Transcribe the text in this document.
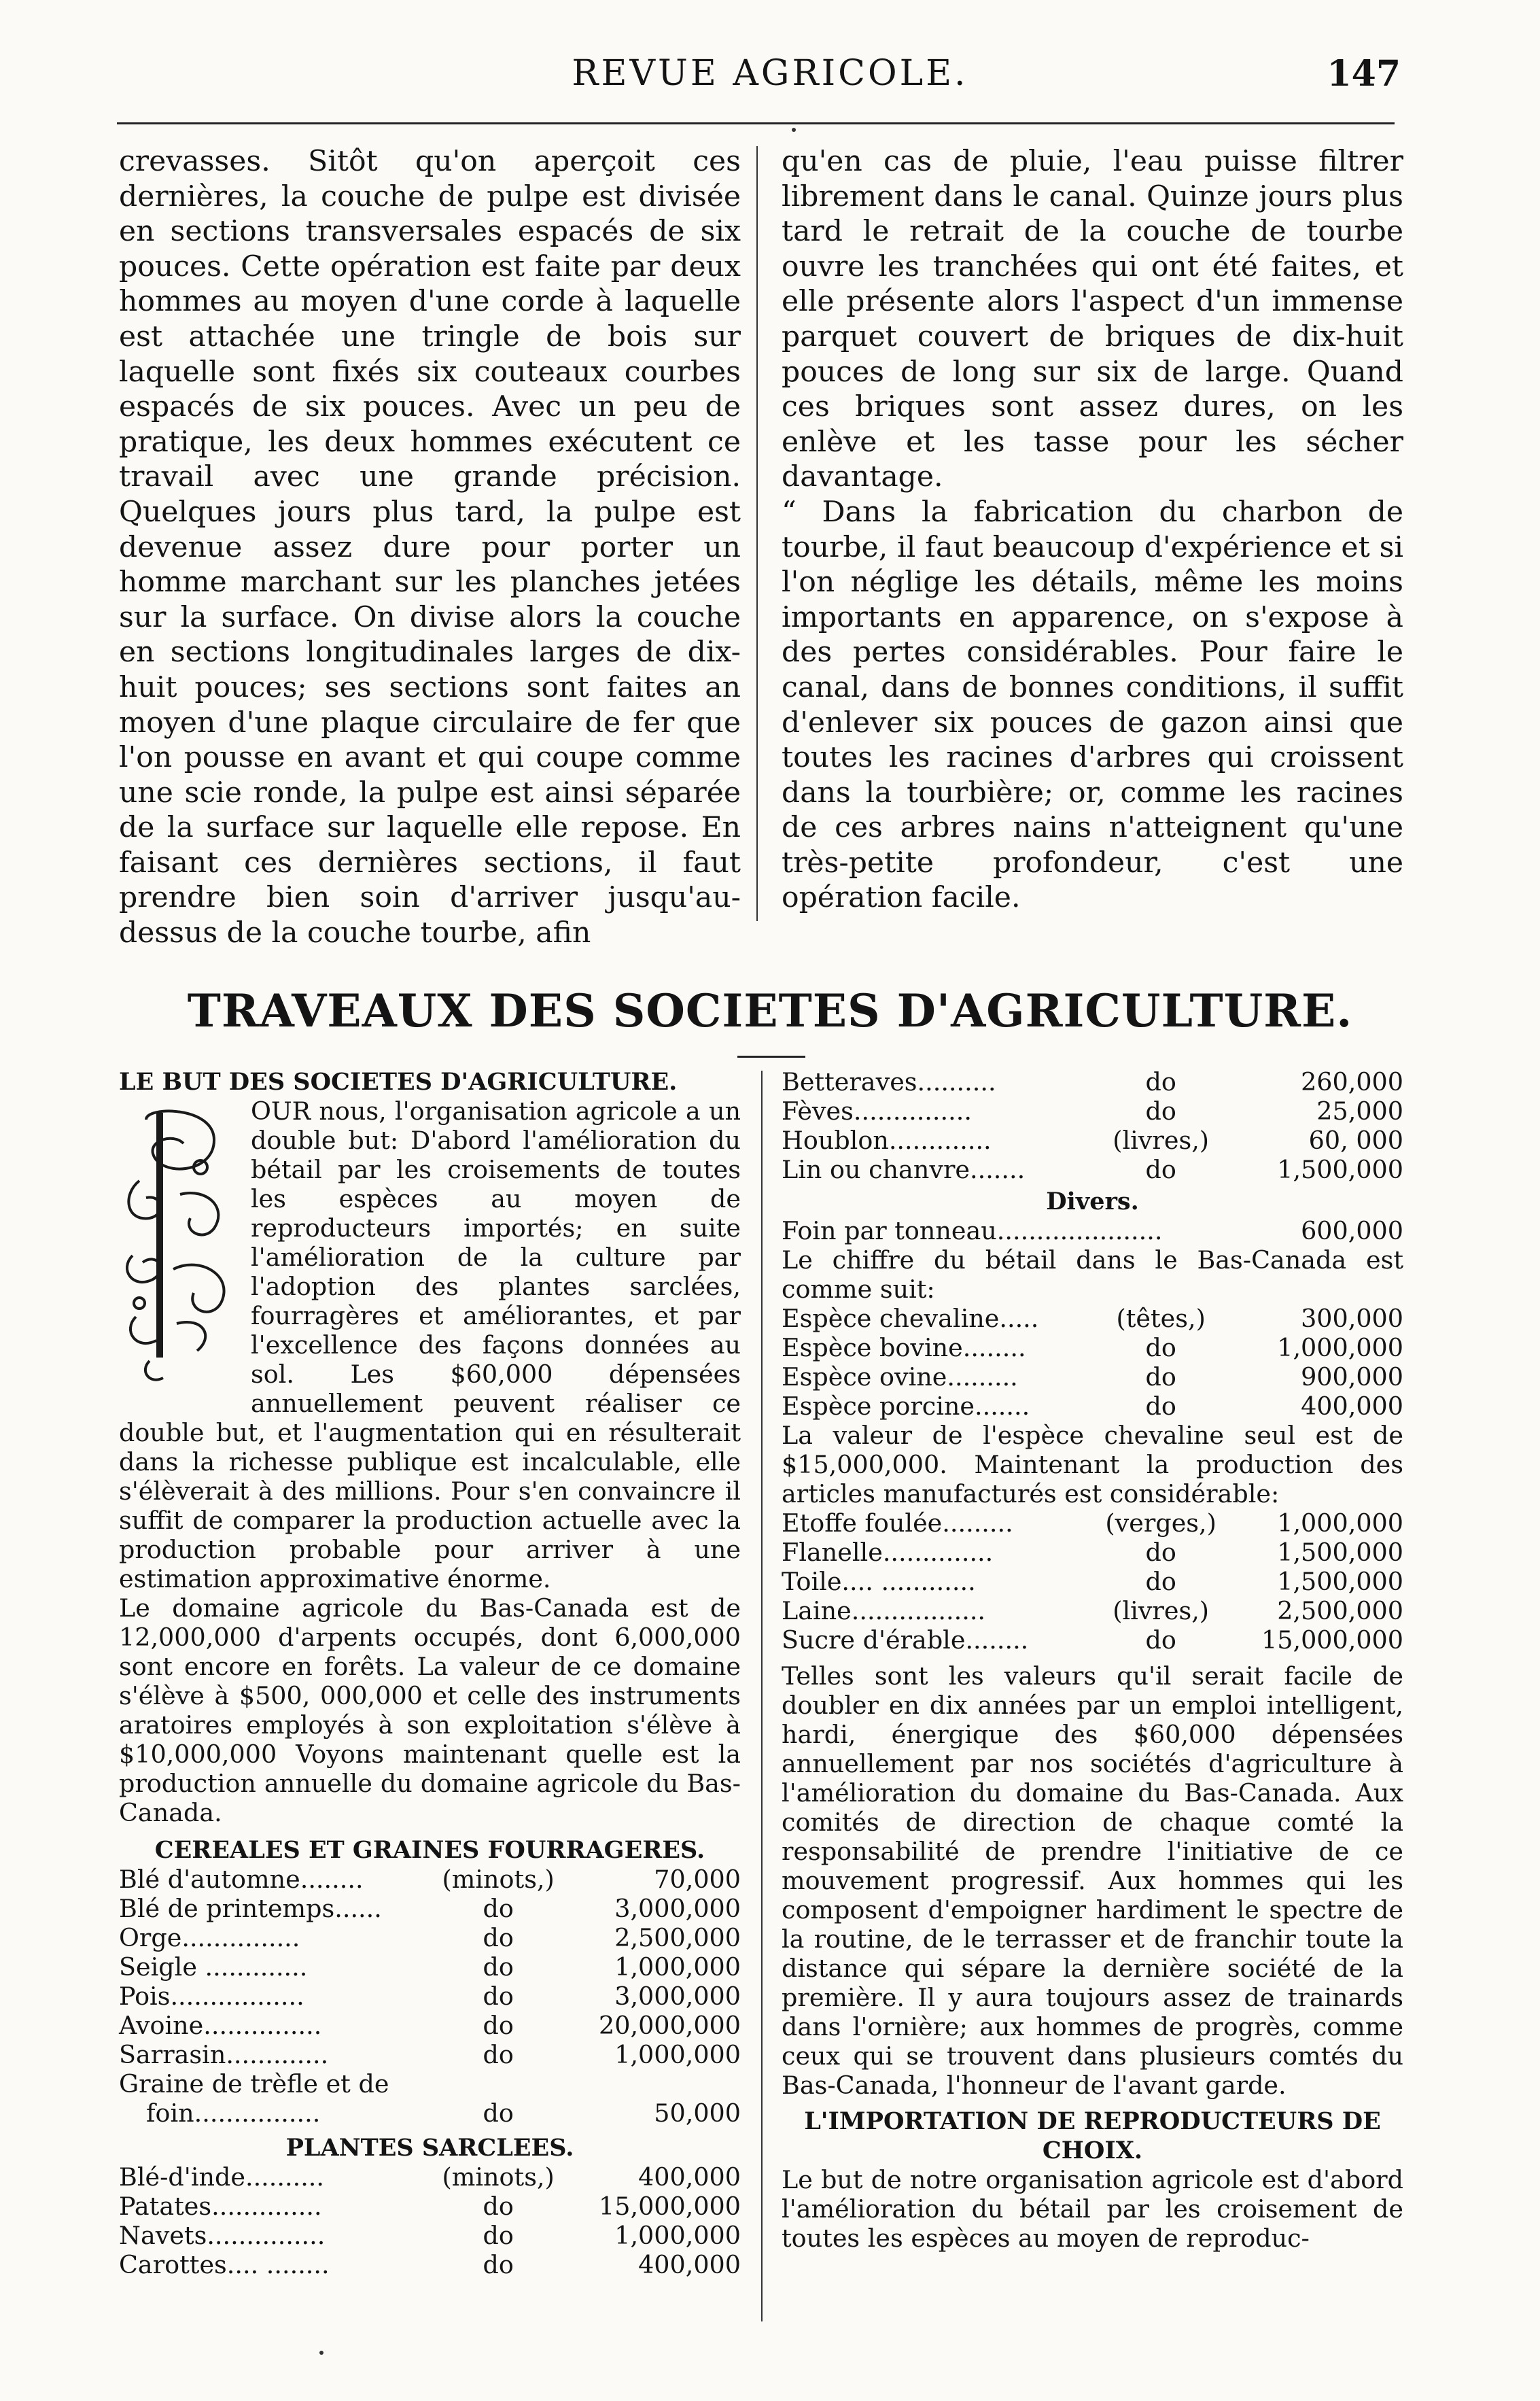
REVUE AGRICOLE.	147

crevasses. Sitôt qu'on aperçoit ces dernières, la couche de pulpe est divisée en sections transversales espacés de six pouces. Cette opération est faite par deux hommes au moyen d'une corde à laquelle est attachée une tringle de bois sur laquelle sont fixés six couteaux courbes espacés de six pouces. Avec un peu de pratique, les deux hommes exécutent ce travail avec une grande précision. Quelques jours plus tard, la pulpe est devenue assez dure pour porter un homme marchant sur les planches jetées sur la surface. On divise alors la couche en sections longitudinales larges de dix-huit pouces; ses sections sont faites an moyen d'une plaque circulaire de fer que l'on pousse en avant et qui coupe comme une scie ronde, la pulpe est ainsi séparée de la surface sur laquelle elle repose. En faisant ces dernières sections, il faut prendre bien soin d'arriver jusqu'au-dessus de la couche tourbe, afin

qu'en cas de pluie, l'eau puisse filtrer librement dans le canal. Quinze jours plus tard le retrait de la couche de tourbe ouvre les tranchées qui ont été faites, et elle présente alors l'aspect d'un immense parquet couvert de briques de dix-huit pouces de long sur six de large. Quand ces briques sont assez dures, on les enlève et les tasse pour les sécher davantage.

“ Dans la fabrication du charbon de tourbe, il faut beaucoup d'expérience et si l'on néglige les détails, même les moins importants en apparence, on s'expose à des pertes considérables. Pour faire le canal, dans de bonnes conditions, il suffit d'enlever six pouces de gazon ainsi que toutes les racines d'arbres qui croissent dans la tourbière; or, comme les racines de ces arbres nains n'atteignent qu'une très-petite profondeur, c'est une opération facile.

TRAVEAUX DES SOCIETES D'AGRICULTURE.
LE BUT DES SOCIETES D'AGRICULTURE.

OUR nous, l'organisation agricole a un double but: D'abord l'amélioration du bétail par les croisements de toutes les espèces au moyen de reproducteurs importés; en suite l'amélioration de la culture par l'adoption des plantes sarclées, fourragères et améliorantes, et par l'excellence des façons données au sol. Les $60,000 dépensées annuellement peuvent réaliser ce double but, et l'augmentation qui en résulterait dans la richesse publique est incalculable, elle s'élèverait à des millions. Pour s'en convaincre il suffit de comparer la production actuelle avec la production probable pour arriver à une estimation approximative énorme.

Le domaine agricole du Bas-Canada est de 12,000,000 d'arpents occupés, dont 6,000,000 sont encore en forêts. La valeur de ce domaine s'élève à $500, 000,000 et celle des instruments aratoires employés à son exploitation s'élève à $10,000,000 Voyons maintenant quelle est la production annuelle du domaine agricole du Bas-Canada.

CEREALES ET GRAINES FOURRAGERES.
Blé d'automne........	(minots,)	70,000
Blé de printemps......	do	3,000,000
Orge...............	do	2,500,000
Seigle .............	do	1,000,000
Pois.................	do	3,000,000
Avoine...............	do	20,000,000
Sarrasin.............	do	1,000,000
Graine de trèfle et de
foin................	do	50,000
PLANTES SARCLEES.
Blé-d'inde..........	(minots,)	400,000
Patates..............	do	15,000,000
Navets...............	do	1,000,000
Carottes.... ........	do	400,000
Betteraves..........	do	260,000
Fèves...............	do	25,000
Houblon.............	(livres,)	60, 000
Lin ou chanvre.......	do	1,500,000
Divers.
Foin par tonneau.....................	600,000

Le chiffre du bétail dans le Bas-Canada est comme suit:

Espèce chevaline.....	(têtes,)	300,000
Espèce bovine........	do	1,000,000
Espèce ovine.........	do	900,000
Espèce porcine.......	do	400,000

La valeur de l'espèce chevaline seul est de $15,000,000. Maintenant la production des articles manufacturés est considérable:

Etoffe foulée.........	(verges,)	1,000,000
Flanelle..............	do	1,500,000
Toile.... ............	do	1,500,000
Laine.................	(livres,)	2,500,000
Sucre d'érable........	do	15,000,000

Telles sont les valeurs qu'il serait facile de doubler en dix années par un emploi intelligent, hardi, énergique des $60,000 dépensées annuellement par nos sociétés d'agriculture à l'amélioration du domaine du Bas-Canada. Aux comités de direction de chaque comté la responsabilité de prendre l'initiative de ce mouvement progressif. Aux hommes qui les composent d'empoigner hardiment le spectre de la routine, de le terrasser et de franchir toute la distance qui sépare la dernière société de la première. Il y aura toujours assez de trainards dans l'ornière; aux hommes de progrès, comme ceux qui se trouvent dans plusieurs comtés du Bas-Canada, l'honneur de l'avant garde.

L'IMPORTATION DE REPRODUCTEURS DE
CHOIX.

Le but de notre organisation agricole est d'abord l'amélioration du bétail par les croisement de toutes les espèces au moyen de reproduc-
